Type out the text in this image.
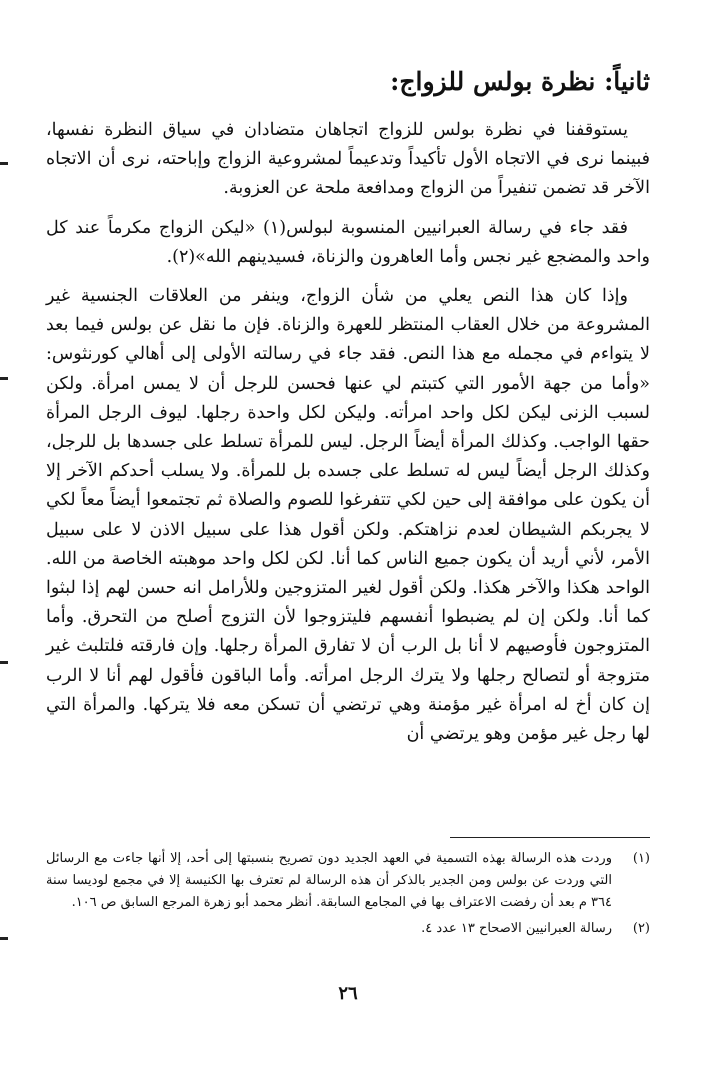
ثانياً: نظرة بولس للزواج:

يستوقفنا في نظرة بولس للزواج اتجاهان متضادان في سياق النظرة نفسها، فبينما نرى في الاتجاه الأول تأكيداً وتدعيماً لمشروعية الزواج وإباحته، نرى أن الاتجاه الآخر قد تضمن تنفيراً من الزواج ومدافعة ملحة عن العزوبة.

فقد جاء في رسالة العبرانيين المنسوبة لبولس(١) «ليكن الزواج مكرماً عند كل واحد والمضجع غير نجس وأما العاهرون والزناة، فسيدينهم الله»(٢).

وإذا كان هذا النص يعلي من شأن الزواج، وينفر من العلاقات الجنسية غير المشروعة من خلال العقاب المنتظر للعهرة والزناة. فإن ما نقل عن بولس فيما بعد لا يتواءم في مجمله مع هذا النص. فقد جاء في رسالته الأولى إلى أهالي كورنثوس: «وأما من جهة الأمور التي كتبتم لي عنها فحسن للرجل أن لا يمس امرأة. ولكن لسبب الزنى ليكن لكل واحد امرأته. وليكن لكل واحدة رجلها. ليوف الرجل المرأة حقها الواجب. وكذلك المرأة أيضاً الرجل. ليس للمرأة تسلط على جسدها بل للرجل، وكذلك الرجل أيضاً ليس له تسلط على جسده بل للمرأة. ولا يسلب أحدكم الآخر إلا أن يكون على موافقة إلى حين لكي تتفرغوا للصوم والصلاة ثم تجتمعوا أيضاً معاً لكي لا يجربكم الشيطان لعدم نزاهتكم. ولكن أقول هذا على سبيل الاذن لا على سبيل الأمر، لأني أريد أن يكون جميع الناس كما أنا. لكن لكل واحد موهبته الخاصة من الله. الواحد هكذا والآخر هكذا. ولكن أقول لغير المتزوجين وللأرامل انه حسن لهم إذا لبثوا كما أنا. ولكن إن لم يضبطوا أنفسهم فليتزوجوا لأن التزوج أصلح من التحرق. وأما المتزوجون فأوصيهم لا أنا بل الرب أن لا تفارق المرأة رجلها. وإن فارقته فلتلبث غير متزوجة أو لتصالح رجلها ولا يترك الرجل امرأته. وأما الباقون فأقول لهم أنا لا الرب إن كان أخ له امرأة غير مؤمنة وهي ترتضي أن تسكن معه فلا يتركها. والمرأة التي لها رجل غير مؤمن وهو يرتضي أن

(١)
وردت هذه الرسالة بهذه التسمية في العهد الجديد دون تصريح بنسبتها إلى أحد، إلا أنها جاءت مع الرسائل التي وردت عن بولس ومن الجدير بالذكر أن هذه الرسالة لم تعترف بها الكنيسة إلا في مجمع لوديسا سنة ٣٦٤ م بعد أن رفضت الاعتراف بها في المجامع السابقة. أنظر محمد أبو زهرة المرجع السابق ص ١٠٦.
(٢)
رسالة العبرانيين الاصحاح ١٣ عدد ٤.
٢٦
